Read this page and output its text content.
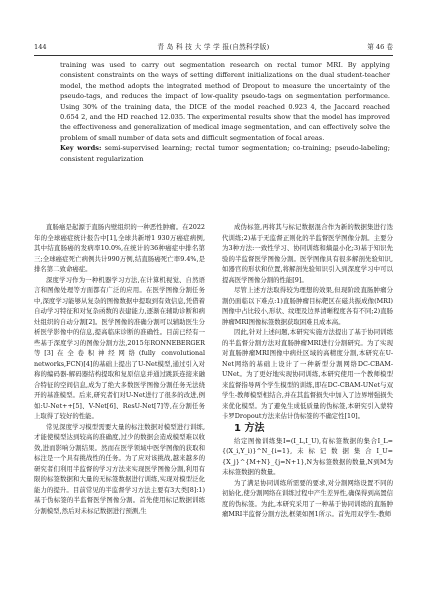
144	青 岛 科 技 大 学 学 报(自然科学版)	第 46 卷

training was used to carry out segmentation research on rectal tumor MRI. By applying consistent constraints on the ways of setting different initializations on the dual student-teacher model, the method adopts the integrated method of Dropout to measure the uncertainty of the pseudo-tags, and reduces the impact of low-quality pseudo-tags on segmentation performance. Using 30% of the training data, the DICE of the model reached 0.923 4, the Jaccard reached 0.654 2, and the HD reached 12.035. The experimental results show that the model has improved the effectiveness and generalization of medical image segmentation, and can effectively solve the problem of small number of data sets and difficult segmentation of focal areas.

Key words: semi-supervised learning; rectal tumor segmentation; co-training; pseudo-labeling; consistent regularization

直肠癌是起源于直肠内壁组织的一种恶性肿瘤。在2022年的全球癌症统计报告中[1],全球共新增1 930万癌症病例,其中结直肠癌的发病率10.0%,在统计的36种癌症中排名第三;全球癌症死亡病例共计990万例,结直肠癌死亡率9.4%,是排名第二致命癌症。

深度学习作为一种机器学习方法,在计算机视觉、自然语言和图像处理等方面都有广泛的应用。在医学图像分割任务中,深度学习能够从复杂的图像数据中提取到有效信息,凭借着自动学习特征和对复杂函数的表建能力,逐渐在辅助诊断和病灶组织的自动分割[2]。医学图像的准确分割可以辅助医生分析医学影像中的信息,提高临床诊断的准确性。目前已经有一些基于深度学习的图像分割方法,2015年RONNEBERGER等[3]在全卷积神经网络(fully convolutional networks,FCN)[4]的基础上提出了U-Net模型,通过引入对称的编码器-解码器结构提取和复原信息并通过跳跃连接来融合特征的空间信息,成为了绝大多数医学图像分割任务无法绕开的基准模型。后来,研究者们对U-Net进行了很多的改进,例如:U-Net++[5]、V-Net[6]、ResU-Net[7]等,在分割任务上取得了较好的性能。

常见深度学习模型需要大量的标注数据对模型进行训练,才能使模型达到较高的准确度,过少的数据会造成模型难以收敛,进而影响分割结果。然而在医学领域中医学图像的获取和标注是一个具有挑战性的任务。为了应对该挑战,越来越多的研究者们利用半监督的学习方法来实现医学图像分割,利用有限的标签数据和大量的无标签数据进行训练,实现对模型泛化能力的提升。目前常见的半监督学习方法主要有3大类[8]:1)基于伪标签的半监督医学图像分割。首先使用标记数据训练分割模型,然后对未标记数据进行预测,生

成伪标签,再将其与标记数据混合作为新的数据集进行迭代训练;2)基于无监督正则化的半监督医学图像分割。主要分为3种方法:一致性学习、协同训练和熵最小化;3)基于知识先验的半监督医学图像分割。医学图像具有很多解剖先验知识,如器官的形状和位置,将解剖先验知识引入到深度学习中可以提高医学图像分割的性能[9]。

尽管上述方法取得较为理想的效果,但现阶段直肠肿瘤分割仍面临以下难点:1)直肠肿瘤目标靶区在磁共振成像(MRI)图像中占比较小,形状、纹理及边界清晰程度各有不同;2)直肠肿瘤MRI图像标签数据获取困难且成本高。

因此,针对上述问题,本研究实施方法提出了基于协同训练的半监督分割方法对直肠肿瘤MRI进行分割研究。为了实现对直肠肿瘤MRI图像中病灶区域的高精度分割,本研究在U-Net网络的基础上设计了一种新型分割网络DC-CBAM-UNet。为了更好地实现协同训练,本研究使用一个教师模型来监督指导两个学生模型的训练,即在DC-CBAM-UNet与双学生-教师模型相结合,并在其监督损失中加入了边界增强损失来优化模型。为了避免生成低质量的伪标签,本研究引入蒙特卡罗Dropout方法来估计伪标签的不确定性[10]。

1 方法

给定图像训练集I=(I_L,I_U),有标签数据的集合I_L={(X_i,Y_i)}^N_{i=1},未标记数据集合I_U={X_j}^{M+N}_{j=N+1},N为标签数据的数量,N到M为未标签数据的数量。

为了满足协同训练所需要的要求,对分割网络设置不同的初始化,使分割网络在训练过程中产生差异性,确保得到高置信度的伪标签。为此,本研究采用了一种基于协同训练的直肠肿瘤MRI半监督分割方法,框架如图1所示。首先用双学生-教师
